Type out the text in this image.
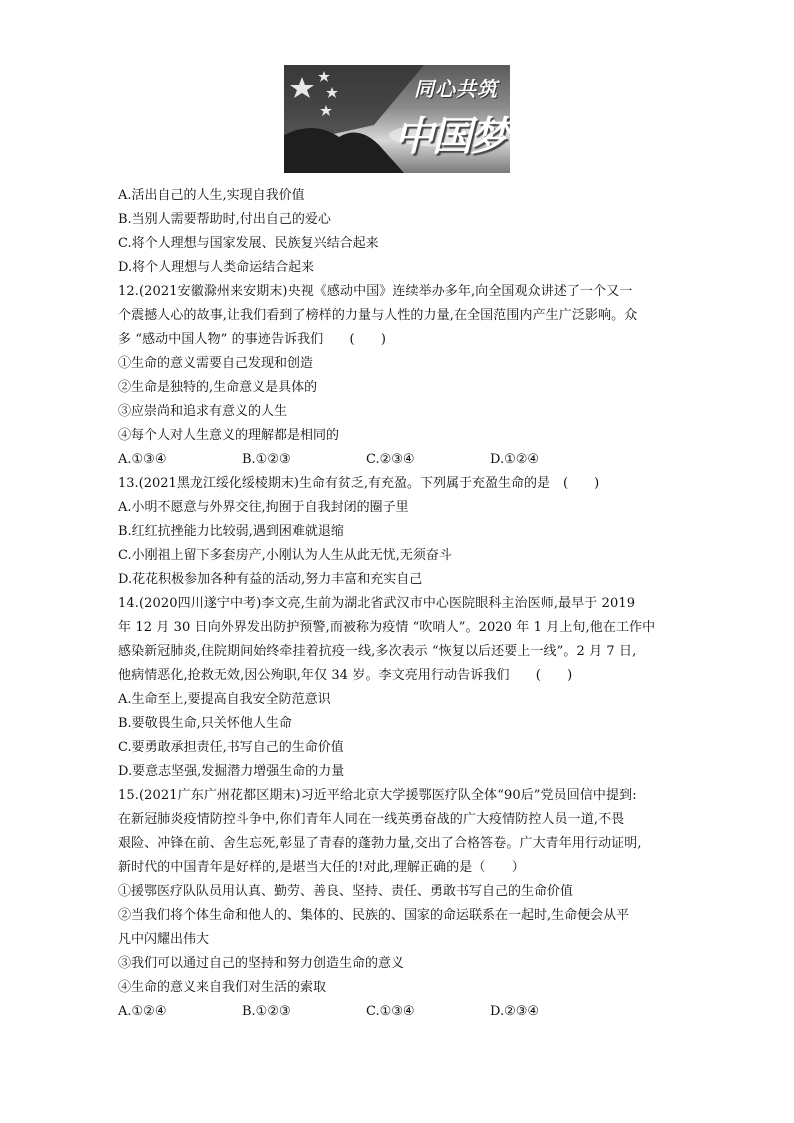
同心共筑
中国梦
A.活出自己的人生,实现自我价值
B.当别人需要帮助时,付出自己的爱心
C.将个人理想与国家发展、民族复兴结合起来
D.将个人理想与人类命运结合起来
12.(2021安徽滁州来安期末)央视《感动中国》连续举办多年,向全国观众讲述了一个又一
个震撼人心的故事,让我们看到了榜样的力量与人性的力量,在全国范围内产生广泛影响。众
多 “感动中国人物” 的事迹告诉我们　　(　　)
①生命的意义需要自己发现和创造
②生命是独特的,生命意义是具体的
③应崇尚和追求有意义的人生
④每个人对人生意义的理解都是相同的
A.①③④	B.①②③	C.②③④	D.①②④
13.(2021黑龙江绥化绥棱期末)生命有贫乏,有充盈。下列属于充盈生命的是　(　　)
A.小明不愿意与外界交往,拘囿于自我封闭的圈子里
B.红红抗挫能力比较弱,遇到困难就退缩
C.小刚祖上留下多套房产,小刚认为人生从此无忧,无须奋斗
D.花花积极参加各种有益的活动,努力丰富和充实自己
14.(2020四川遂宁中考)李文亮,生前为湖北省武汉市中心医院眼科主治医师,最早于 2019
年 12 月 30 日向外界发出防护预警,而被称为疫情 “吹哨人”。2020 年 1 月上旬,他在工作中
感染新冠肺炎,住院期间始终牵挂着抗疫一线,多次表示 “恢复以后还要上一线”。2 月 7 日,
他病情恶化,抢救无效,因公殉职,年仅 34 岁。李文亮用行动告诉我们　　(　　)
A.生命至上,要提高自我安全防范意识
B.要敬畏生命,只关怀他人生命
C.要勇敢承担责任,书写自己的生命价值
D.要意志坚强,发掘潜力增强生命的力量
15.(2021广东广州花都区期末)习近平给北京大学援鄂医疗队全体“90后”党员回信中提到:
在新冠肺炎疫情防控斗争中,你们青年人同在一线英勇奋战的广大疫情防控人员一道,不畏
艰险、冲锋在前、舍生忘死,彰显了青春的蓬勃力量,交出了合格答卷。广大青年用行动证明,
新时代的中国青年是好样的,是堪当大任的!对此,理解正确的是（　　）
①援鄂医疗队队员用认真、勤劳、善良、坚持、责任、勇敢书写自己的生命价值
②当我们将个体生命和他人的、集体的、民族的、国家的命运联系在一起时,生命便会从平
凡中闪耀出伟大
③我们可以通过自己的坚持和努力创造生命的意义
④生命的意义来自我们对生活的索取
A.①②④	B.①②③	C.①③④	D.②③④
